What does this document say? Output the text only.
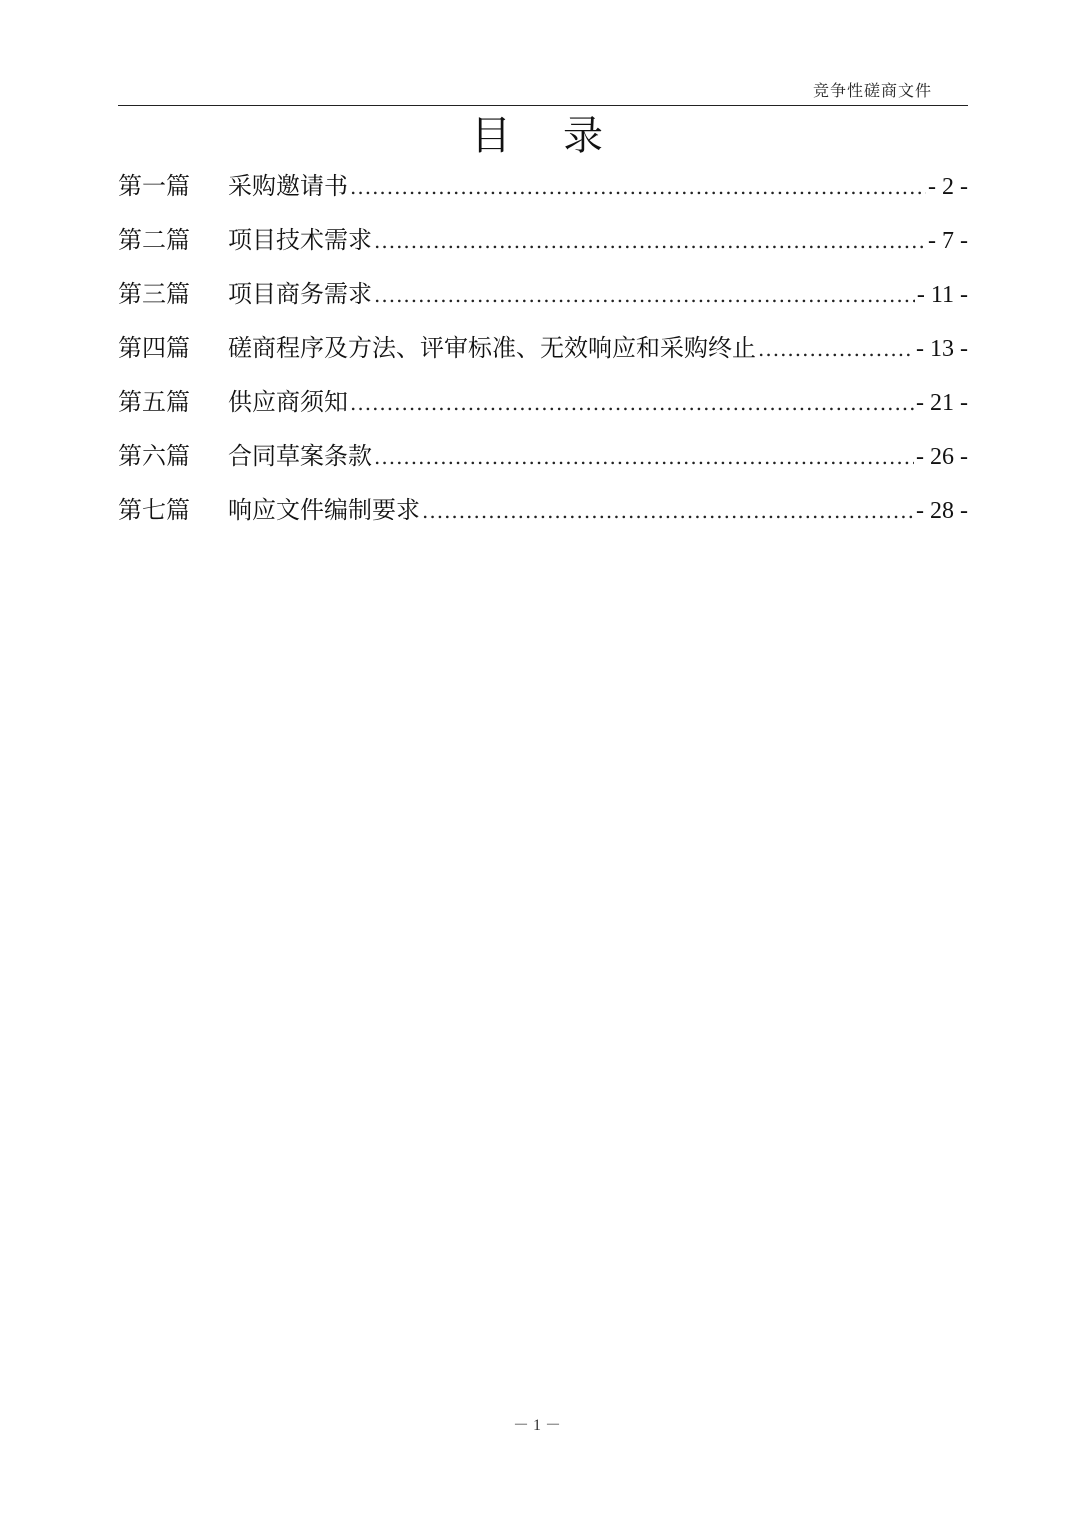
竞争性磋商文件
目 录
第一篇	采购邀请书 .....	- 2 -
第二篇	项目技术需求 .....	- 7 -
第三篇	项目商务需求 .....	- 11 -
第四篇	磋商程序及方法、评审标准、无效响应和采购终止 .....	- 13 -
第五篇	供应商须知 .....	- 21 -
第六篇	合同草案条款 .....	- 26 -
第七篇	响应文件编制要求 .....	- 28 -
－ 1 －
